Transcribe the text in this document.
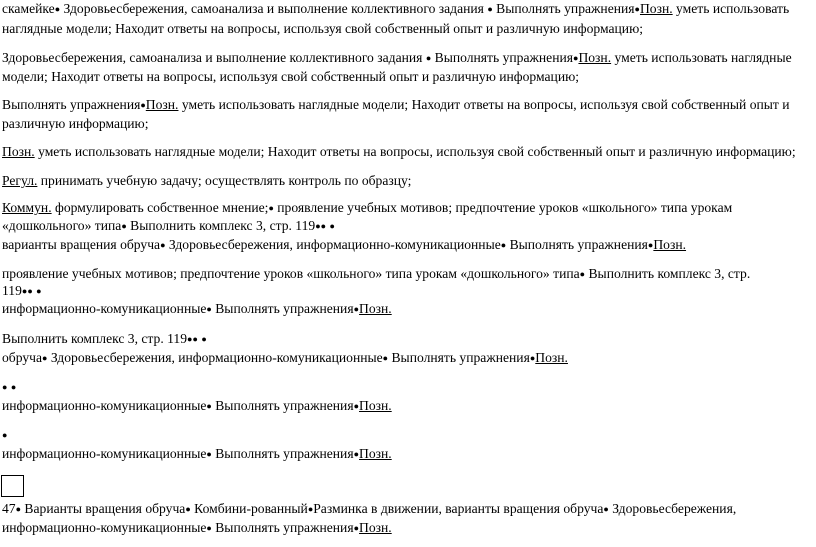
скамейке● Здоровьесбережения, самоанализа и выполнение коллективного задания ● Выполнять упражнения●Позн. уметь использовать
наглядные модели; Находит ответы на вопросы, используя свой собственный опыт и различную информацию;
Здоровьесбережения, самоанализа и выполнение коллективного задания ● Выполнять упражнения●Позн. уметь использовать наглядные
модели; Находит ответы на вопросы, используя свой собственный опыт и различную информацию;
Выполнять упражнения●Позн. уметь использовать наглядные модели; Находит ответы на вопросы, используя свой собственный опыт и
различную информацию;
Позн. уметь использовать наглядные модели; Находит ответы на вопросы, используя свой собственный опыт и различную информацию;
Регул. принимать учебную задачу; осуществлять контроль по образцу;
Коммун. формулировать собственное мнение;● проявление учебных мотивов; предпочтение уроков «школьного» типа урокам
«дошкольного» типа● Выполнить комплекс 3, стр. 119●● ●
варианты вращения обруча● Здоровьесбережения, информационно-комуникационные● Выполнять упражнения●Позн.
проявление учебных мотивов; предпочтение уроков «школьного» типа урокам «дошкольного» типа● Выполнить комплекс 3, стр.
119●● ●
информационно-комуникационные● Выполнять упражнения●Позн.
Выполнить комплекс 3, стр. 119●● ●
обруча● Здоровьесбережения, информационно-комуникационные● Выполнять упражнения●Позн.
● ●
информационно-комуникационные● Выполнять упражнения●Позн.
●
информационно-комуникационные● Выполнять упражнения●Позн.
47● Варианты вращения обруча● Комбини-рованный●Разминка в движении, варианты вращения обруча● Здоровьесбережения,
информационно-комуникационные● Выполнять упражнения●Позн.
